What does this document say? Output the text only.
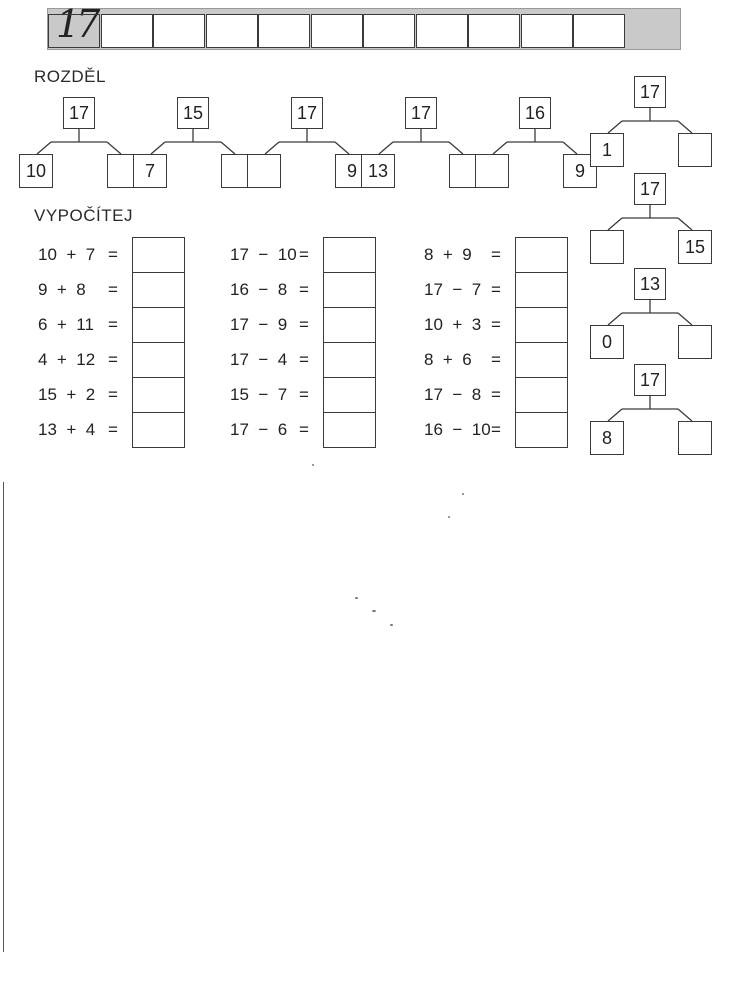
17
ROZDĚL
VYPOČÍTEJ
17
10
15
7
17
9
17
13
16
9
17
1
17
15
13
0
17
8
10  +  7 =
9  +  8 =
6  +  11 =
4  +  12 =
15  +  2 =
13  +  4 =
17  −  10 =
16  −  8 =
17  −  9 =
17  −  4 =
15  −  7 =
17  −  6 =
8  +  9 =
17  −  7 =
10  +  3 =
8  +  6 =
17  −  8 =
16  −  10 =
